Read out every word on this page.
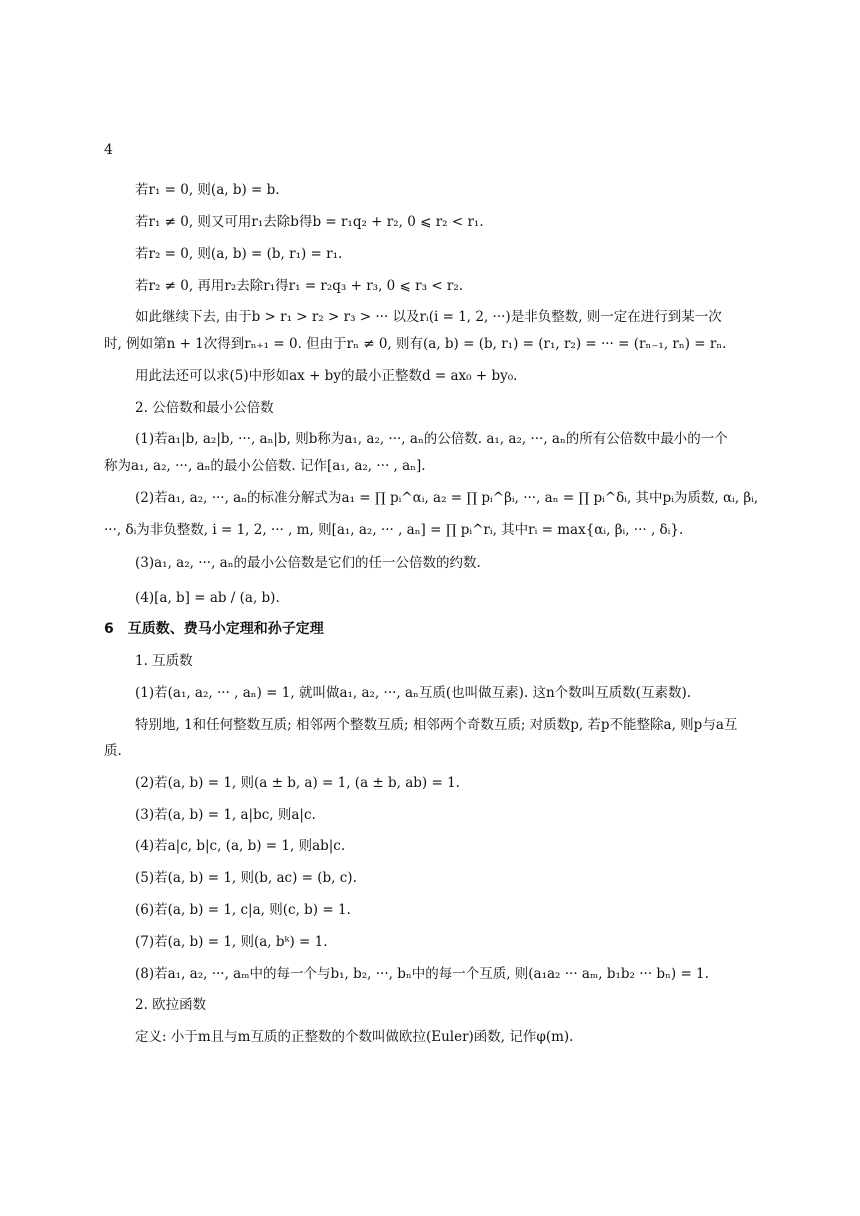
4
若r₁ = 0, 则(a, b) = b.
若r₁ ≠ 0, 则又可用r₁去除b得b = r₁q₂ + r₂, 0 ⩽ r₂ < r₁.
若r₂ = 0, 则(a, b) = (b, r₁) = r₁.
若r₂ ≠ 0, 再用r₂去除r₁得r₁ = r₂q₃ + r₃, 0 ⩽ r₃ < r₂.
如此继续下去, 由于b > r₁ > r₂ > r₃ > ··· 以及rᵢ(i = 1, 2, ···)是非负整数, 则一定在进行到某一次
时, 例如第n + 1次得到rₙ₊₁ = 0. 但由于rₙ ≠ 0, 则有(a, b) = (b, r₁) = (r₁, r₂) = ··· = (rₙ₋₁, rₙ) = rₙ.
用此法还可以求(5)中形如ax + by的最小正整数d = ax₀ + by₀.
2. 公倍数和最小公倍数
(1)若a₁|b, a₂|b, ···, aₙ|b, 则b称为a₁, a₂, ···, aₙ的公倍数. a₁, a₂, ···, aₙ的所有公倍数中最小的一个
称为a₁, a₂, ···, aₙ的最小公倍数. 记作[a₁, a₂, ··· , aₙ].
(2)若a₁, a₂, ···, aₙ的标准分解式为a₁ = ∏ pᵢ^αᵢ, a₂ = ∏ pᵢ^βᵢ, ···, aₙ = ∏ pᵢ^δᵢ, 其中pᵢ为质数, αᵢ, βᵢ,
···, δᵢ为非负整数, i = 1, 2, ··· , m, 则[a₁, a₂, ··· , aₙ] = ∏ pᵢ^rᵢ, 其中rᵢ = max{αᵢ, βᵢ, ··· , δᵢ}.
(3)a₁, a₂, ···, aₙ的最小公倍数是它们的任一公倍数的约数.
(4)[a, b] = ab / (a, b).
6　互质数、费马小定理和孙子定理
1. 互质数
(1)若(a₁, a₂, ··· , aₙ) = 1, 就叫做a₁, a₂, ···, aₙ互质(也叫做互素). 这n个数叫互质数(互素数).
特别地, 1和任何整数互质; 相邻两个整数互质; 相邻两个奇数互质; 对质数p, 若p不能整除a, 则p与a互
质.
(2)若(a, b) = 1, 则(a ± b, a) = 1, (a ± b, ab) = 1.
(3)若(a, b) = 1, a|bc, 则a|c.
(4)若a|c, b|c, (a, b) = 1, 则ab|c.
(5)若(a, b) = 1, 则(b, ac) = (b, c).
(6)若(a, b) = 1, c|a, 则(c, b) = 1.
(7)若(a, b) = 1, 则(a, bᵏ) = 1.
(8)若a₁, a₂, ···, aₘ中的每一个与b₁, b₂, ···, bₙ中的每一个互质, 则(a₁a₂ ··· aₘ, b₁b₂ ··· bₙ) = 1.
2. 欧拉函数
定义: 小于m且与m互质的正整数的个数叫做欧拉(Euler)函数, 记作φ(m).
